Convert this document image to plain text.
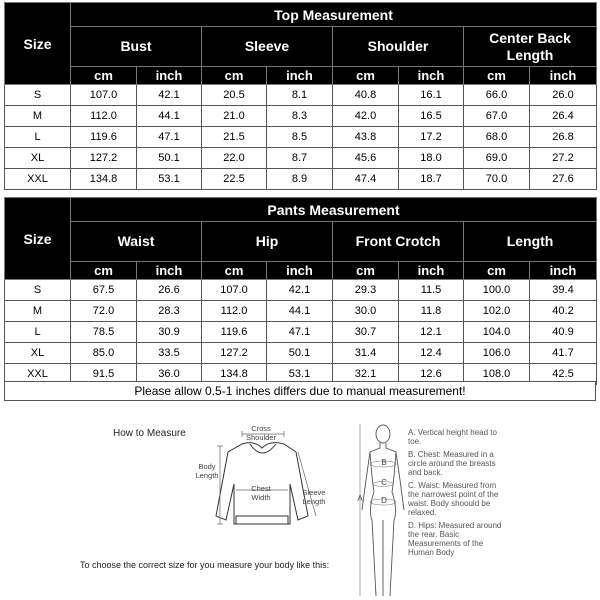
Size	Top Measurement							
	Bust		Sleeve		Shoulder		Center Back Length	
	cm	inch	cm	inch	cm	inch	cm	inch
S	107.0	42.1	20.5	8.1	40.8	16.1	66.0	26.0
M	112.0	44.1	21.0	8.3	42.0	16.5	67.0	26.4
L	119.6	47.1	21.5	8.5	43.8	17.2	68.0	26.8
XL	127.2	50.1	22.0	8.7	45.6	18.0	69.0	27.2
XXL	134.8	53.1	22.5	8.9	47.4	18.7	70.0	27.6
Size	Pants Measurement							
	Waist		Hip		Front Crotch		Length	
	cm	inch	cm	inch	cm	inch	cm	inch
S	67.5	26.6	107.0	42.1	29.3	11.5	100.0	39.4
M	72.0	28.3	112.0	44.1	30.0	11.8	102.0	40.2
L	78.5	30.9	119.6	47.1	30.7	12.1	104.0	40.9
XL	85.0	33.5	127.2	50.1	31.4	12.4	106.0	41.7
XXL	91.5	36.0	134.8	53.1	32.1	12.6	108.0	42.5
Please allow 0.5-1 inches differs due to manual measurement!
How to Measure	Cross Shoulder
Body Length
Chest Width
Sleeve Length
To choose the correct size for you measure your body like this:
A
B
C
D
A. Vertical height head to toe.
B. Chest: Measured in a circle around the breasts and back.
C. Waist: Measured from the narrowest point of the waist. Body shoould be relaxed.
D. Hips: Measured around the rear. Basic Measurements of the Human Body
